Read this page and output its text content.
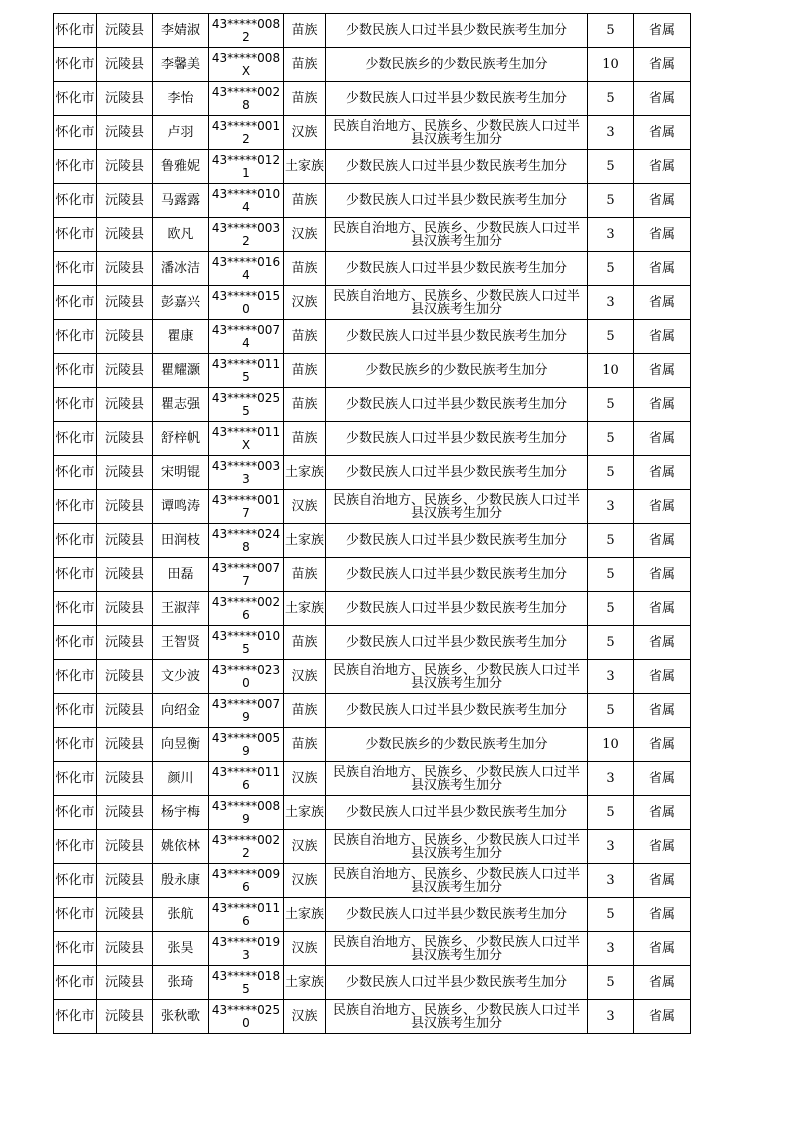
怀化市	沅陵县	李婧淑	43*****0082	苗族	少数民族人口过半县少数民族考生加分	5	省属
怀化市	沅陵县	李馨美	43*****008X	苗族	少数民族乡的少数民族考生加分	10	省属
怀化市	沅陵县	李怡	43*****0028	苗族	少数民族人口过半县少数民族考生加分	5	省属
怀化市	沅陵县	卢羽	43*****0012	汉族	民族自治地方、民族乡、少数民族人口过半县汉族考生加分	3	省属
怀化市	沅陵县	鲁雅妮	43*****0121	土家族	少数民族人口过半县少数民族考生加分	5	省属
怀化市	沅陵县	马露露	43*****0104	苗族	少数民族人口过半县少数民族考生加分	5	省属
怀化市	沅陵县	欧凡	43*****0032	汉族	民族自治地方、民族乡、少数民族人口过半县汉族考生加分	3	省属
怀化市	沅陵县	潘冰洁	43*****0164	苗族	少数民族人口过半县少数民族考生加分	5	省属
怀化市	沅陵县	彭嘉兴	43*****0150	汉族	民族自治地方、民族乡、少数民族人口过半县汉族考生加分	3	省属
怀化市	沅陵县	瞿康	43*****0074	苗族	少数民族人口过半县少数民族考生加分	5	省属
怀化市	沅陵县	瞿耀灏	43*****0115	苗族	少数民族乡的少数民族考生加分	10	省属
怀化市	沅陵县	瞿志强	43*****0255	苗族	少数民族人口过半县少数民族考生加分	5	省属
怀化市	沅陵县	舒梓帆	43*****011X	苗族	少数民族人口过半县少数民族考生加分	5	省属
怀化市	沅陵县	宋明锟	43*****0033	土家族	少数民族人口过半县少数民族考生加分	5	省属
怀化市	沅陵县	谭鸣涛	43*****0017	汉族	民族自治地方、民族乡、少数民族人口过半县汉族考生加分	3	省属
怀化市	沅陵县	田润枝	43*****0248	土家族	少数民族人口过半县少数民族考生加分	5	省属
怀化市	沅陵县	田磊	43*****0077	苗族	少数民族人口过半县少数民族考生加分	5	省属
怀化市	沅陵县	王淑萍	43*****0026	土家族	少数民族人口过半县少数民族考生加分	5	省属
怀化市	沅陵县	王智贤	43*****0105	苗族	少数民族人口过半县少数民族考生加分	5	省属
怀化市	沅陵县	文少波	43*****0230	汉族	民族自治地方、民族乡、少数民族人口过半县汉族考生加分	3	省属
怀化市	沅陵县	向绍金	43*****0079	苗族	少数民族人口过半县少数民族考生加分	5	省属
怀化市	沅陵县	向昱衡	43*****0059	苗族	少数民族乡的少数民族考生加分	10	省属
怀化市	沅陵县	颜川	43*****0116	汉族	民族自治地方、民族乡、少数民族人口过半县汉族考生加分	3	省属
怀化市	沅陵县	杨宇梅	43*****0089	土家族	少数民族人口过半县少数民族考生加分	5	省属
怀化市	沅陵县	姚依林	43*****0022	汉族	民族自治地方、民族乡、少数民族人口过半县汉族考生加分	3	省属
怀化市	沅陵县	殷永康	43*****0096	汉族	民族自治地方、民族乡、少数民族人口过半县汉族考生加分	3	省属
怀化市	沅陵县	张航	43*****0116	土家族	少数民族人口过半县少数民族考生加分	5	省属
怀化市	沅陵县	张昊	43*****0193	汉族	民族自治地方、民族乡、少数民族人口过半县汉族考生加分	3	省属
怀化市	沅陵县	张琦	43*****0185	土家族	少数民族人口过半县少数民族考生加分	5	省属
怀化市	沅陵县	张秋歌	43*****0250	汉族	民族自治地方、民族乡、少数民族人口过半县汉族考生加分	3	省属
